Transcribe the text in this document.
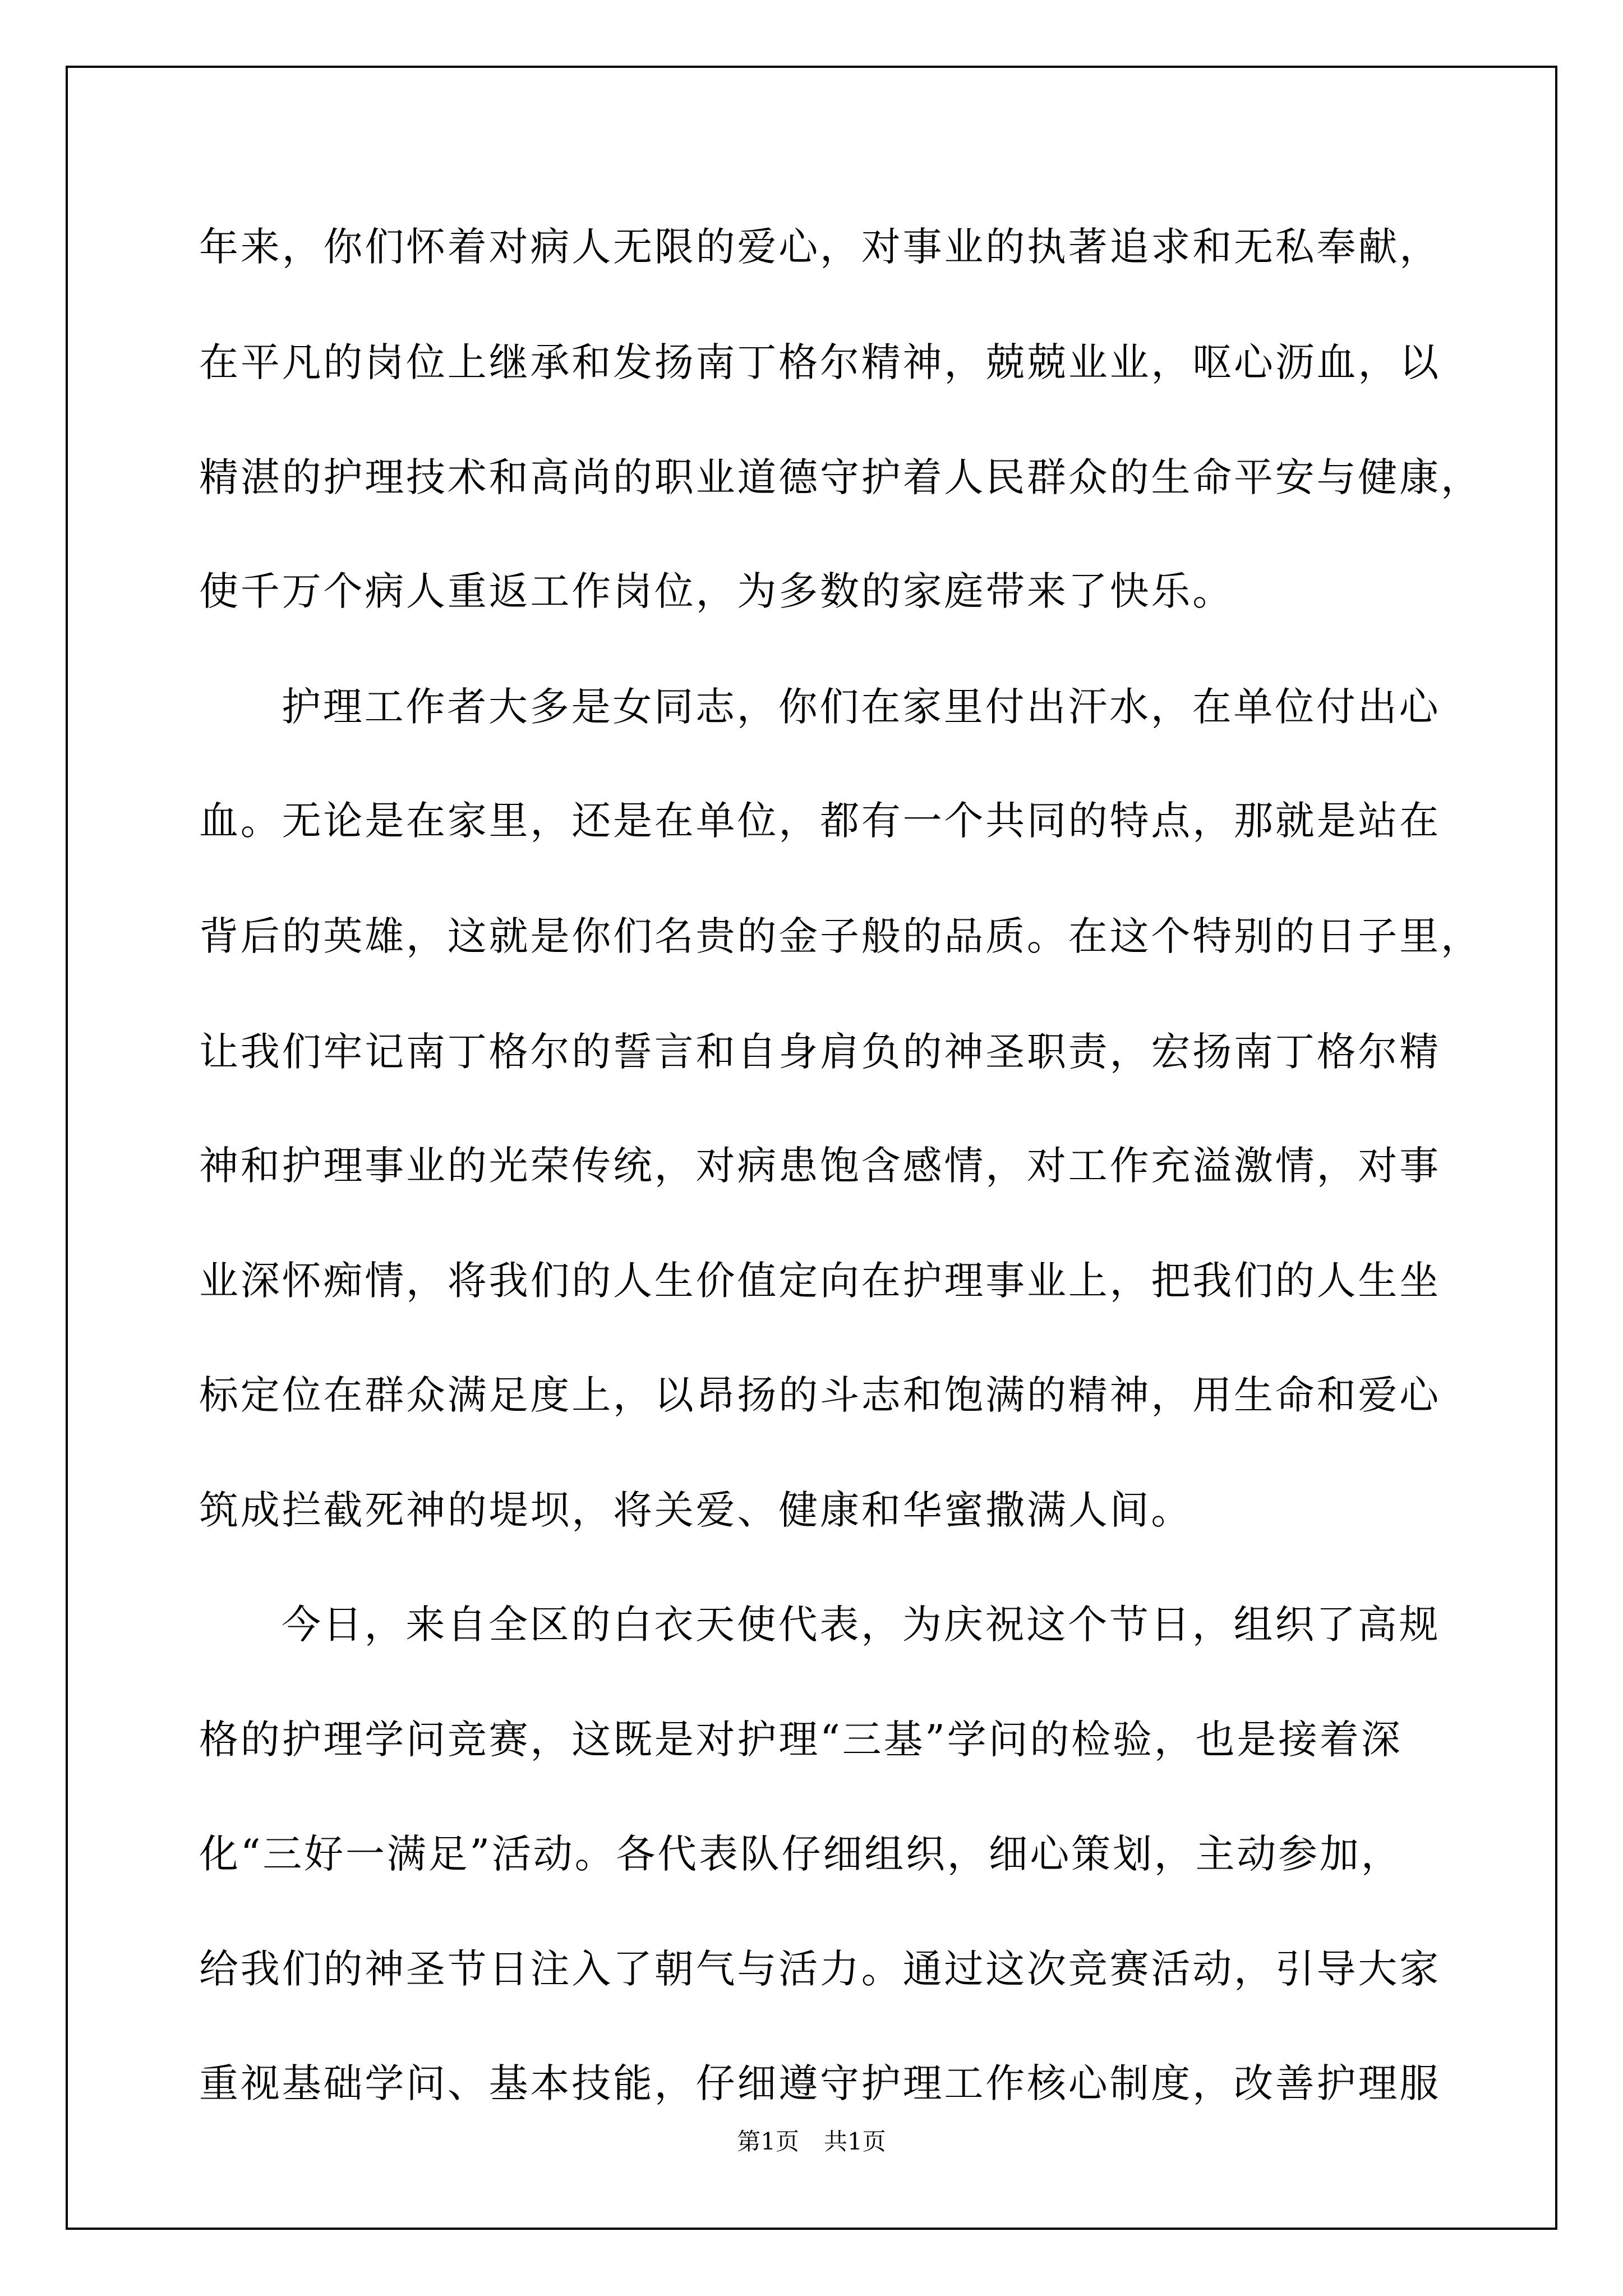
年来，你们怀着对病人无限的爱心，对事业的执著追求和无私奉献，
在平凡的岗位上继承和发扬南丁格尔精神，兢兢业业，呕心沥血，以
精湛的护理技术和高尚的职业道德守护着人民群众的生命平安与健康，
使千万个病人重返工作岗位，为多数的家庭带来了快乐。
护理工作者大多是女同志，你们在家里付出汗水，在单位付出心
血。无论是在家里，还是在单位，都有一个共同的特点，那就是站在
背后的英雄，这就是你们名贵的金子般的品质。在这个特别的日子里，
让我们牢记南丁格尔的誓言和自身肩负的神圣职责，宏扬南丁格尔精
神和护理事业的光荣传统，对病患饱含感情，对工作充溢激情，对事
业深怀痴情，将我们的人生价值定向在护理事业上，把我们的人生坐
标定位在群众满足度上，以昂扬的斗志和饱满的精神，用生命和爱心
筑成拦截死神的堤坝，将关爱、健康和华蜜撒满人间。
今日，来自全区的白衣天使代表，为庆祝这个节日，组织了高规
格的护理学问竞赛，这既是对护理“三基”学问的检验，也是接着深
化“三好一满足”活动。各代表队仔细组织，细心策划，主动参加，
给我们的神圣节日注入了朝气与活力。通过这次竞赛活动，引导大家
重视基础学问、基本技能，仔细遵守护理工作核心制度，改善护理服
第1页 共1页
